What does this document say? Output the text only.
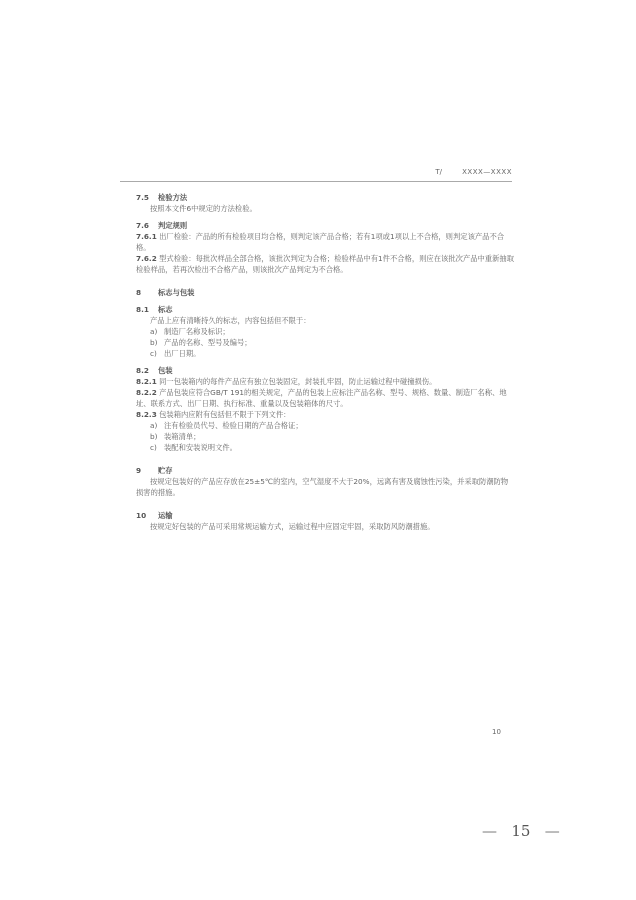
T/	XXXX—XXXX
7.5 检验方法
按照本文件6中规定的方法检验。
7.6 判定规则
7.6.1 出厂检验：产品的所有检验项目均合格，则判定该产品合格；若有1项或1项以上不合格，则判定该产品不合格。
7.6.2 型式检验：每批次样品全部合格，该批次判定为合格；检验样品中有1件不合格，则应在该批次产品中重新抽取检验样品，若再次检出不合格产品，则该批次产品判定为不合格。
8 标志与包装
8.1 标志
产品上应有清晰持久的标志，内容包括但不限于：
a) 制造厂名称及标识；
b) 产品的名称、型号及编号；
c) 出厂日期。
8.2 包装
8.2.1 同一包装箱内的每件产品应有独立包装固定，封装扎牢固，防止运输过程中碰撞损伤。
8.2.2 产品包装应符合GB/T 191的相关规定，产品的包装上应标注产品名称、型号、规格、数量、制造厂名称、地址、联系方式、出厂日期、执行标准、重量以及包装箱体的尺寸。
8.2.3 包装箱内应附有包括但不限于下列文件：
a) 注有检验员代号、检验日期的产品合格证；
b) 装箱清单；
c) 装配和安装说明文件。
9 贮存
按规定包装好的产品应存放在25±5℃的室内，空气湿度不大于20%，远离有害及腐蚀性污染，并采取防潮防物损害的措施。
10 运输
按规定好包装的产品可采用常规运输方式，运输过程中应固定牢固，采取防风防潮措施。
10
— 15 —
